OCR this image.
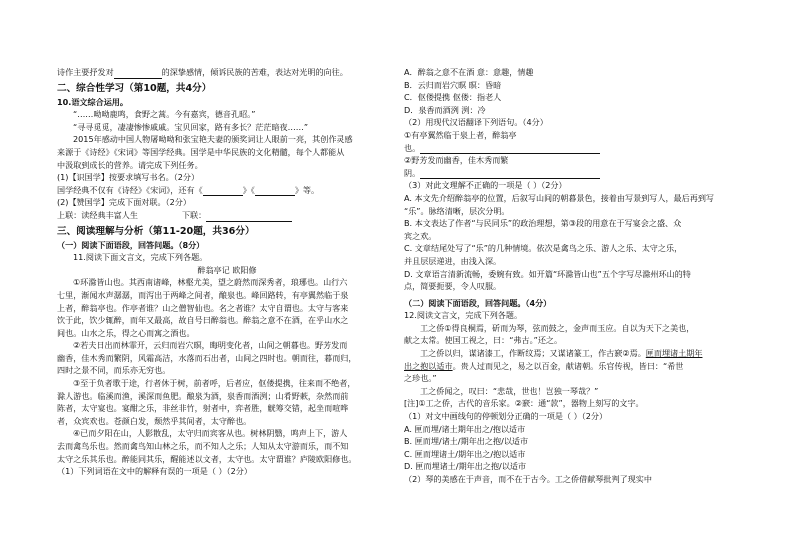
诗作主要抒发对	的深挚感情，倾诉民族的苦难，表达对光明的向往。

二、综合性学习（第10题，共4分）

10.语文综合运用。

“……呦呦鹿鸣，食野之蒿。今有嘉宾，德音孔昭。”

“寻寻觅觅，凄凄惨惨戚戚。宝贝回家，路有多长？茫茫暗夜……”

2015年感动中国人物屠呦呦和张宝艳夫妻的颁奖词让人眼前一亮，其创作灵感

来源于《诗经》《宋词》等国学经典。国学是中华民族的文化精髓，每个人都能从

中汲取到成长的营养。请完成下列任务。

(1)【识国学】按要求填写书名。（2分）

国学经典不仅有《诗经》《宋词》，还有《	》《	》等。

(2)【赞国学】完成下面对联。（2分）

上联：读经典丰富人生	下联：

三、阅读理解与分析（第11-20题，共36分）

（一）阅读下面语段，回答问题。（8分）

11.阅读下面文言文，完成下列各题。

醉翁亭记 欧阳修

①环滁皆山也。其西南诸峰，林壑尤美，望之蔚然而深秀者，琅琊也。山行六

七里，渐闻水声潺潺，而泻出于两峰之间者，酿泉也。峰回路转，有亭翼然临于泉

上者，醉翁亭也。作亭者谁？山之僧智仙也。名之者谁？太守自谓也。太守与客来

饮于此，饮少辄醉，而年又最高，故自号曰醉翁也。醉翁之意不在酒，在乎山水之

间也。山水之乐，得之心而寓之酒也。

②若夫日出而林霏开，云归而岩穴暝，晦明变化者，山间之朝暮也。野芳发而

幽香，佳木秀而繁阴，风霜高洁，水落而石出者，山间之四时也。朝而往，暮而归，

四时之景不同，而乐亦无穷也。

③至于负者歌于途，行者休于树，前者呼，后者应，伛偻提携，往来而不绝者，

滁人游也。临溪而渔，溪深而鱼肥。酿泉为酒，泉香而酒洌；山肴野蔌，杂然而前

陈者，太守宴也。宴酣之乐，非丝非竹，射者中，弈者胜，觥筹交错，起坐而喧哗

者，众宾欢也。苍颜白发，颓然乎其间者，太守醉也。

④已而夕阳在山，人影散乱，太守归而宾客从也。树林阴翳，鸣声上下，游人

去而禽鸟乐也。然而禽鸟知山林之乐，而不知人之乐；人知从太守游而乐，而不知

太守之乐其乐也。醉能同其乐，醒能述以文者，太守也。太守谓谁？庐陵欧阳修也。

（1）下列词语在文中的解释有误的一项是（ ）（2分）

A．醉翁之意不在酒 意：意趣，情趣

B．云归而岩穴暝 暝：昏暗

C．伛偻提携 伛偻：指老人

D．泉香而酒洌 洌：冷

（2）用现代汉语翻译下列语句。（4分）

①有亭翼然临于泉上者，醉翁亭

也。

②野芳发而幽香，佳木秀而繁

阴。

（3）对此文理解不正确的一项是（ ）（2分）

A. 本文先介绍醉翁亭的位置，后叙写山间的朝暮景色，接着由写景到写人，最后再到写

“乐”。脉络清晰，层次分明。

B. 本文表达了作者“与民同乐”的政治理想，第③段的用意在于写宴会之盛、众

宾之欢。

C. 文章结尾处写了“乐”的几种情境。依次是禽鸟之乐、游人之乐、太守之乐，

并且层层递进，由浅入深。

D. 文章语言清新流畅，委婉有致。如开篇“环滁皆山也”五个字写尽滁州环山的特

点，简要扼要，令人叹服。

（二）阅读下面语段，回答问题。（4分）

12.阅读文言文，完成下列各题。

工之侨①得良桐焉，斫而为琴，弦而鼓之，金声而玉应。自以为天下之美也，

献之太常。使国工视之，曰：“弗古。”还之。

工之侨以归，谋诸漆工，作断纹焉；又谋诸篆工，作古窾②焉。匣而埋诸土期年

出之抱以适市。贵人过而见之，易之以百金，献诸朝。乐官传视，皆曰：“希世

之珍也。”

工之侨闻之，叹曰：“悲哉，世也！岂独一琴哉？”

[注]①工之侨，古代的音乐家。②窾：通“款”，器物上刻写的文字。

（1）对文中画线句的停顿划分正确的一项是（ ）（2分）

A. 匣而埋/诸土期年出之/抱以适市

B. 匣而埋/诸土/期年出之抱/以适市

C. 匣而埋诸土/期年出之/抱以适市

D. 匣而埋诸土/期年出之抱/以适市

（2）琴的美感在于声音，而不在于古今。工之侨借献琴批判了现实中
